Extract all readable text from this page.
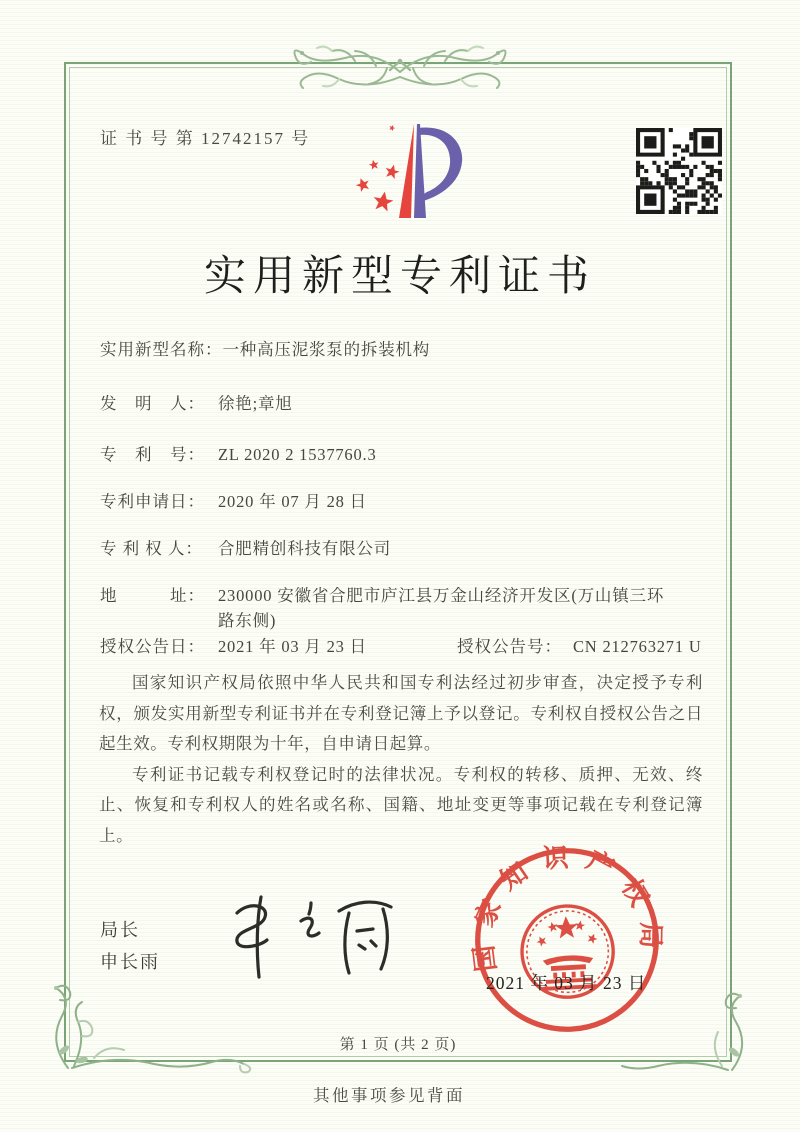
证 书 号 第 12742157 号
实用新型专利证书
实用新型名称： 一种高压泥浆泵的拆装机构
发　明　人： 徐艳;章旭
专　利　号： ZL 2020 2 1537760.3
专利申请日： 2020 年 07 月 28 日
专 利 权 人： 合肥精创科技有限公司
地　　　址： 230000 安徽省合肥市庐江县万金山经济开发区(万山镇三环路东侧)
授权公告日： 2021 年 03 月 23 日	授权公告号： CN 212763271 U

国家知识产权局依照中华人民共和国专利法经过初步审查，决定授予专利权，颁发实用新型专利证书并在专利登记簿上予以登记。专利权自授权公告之日起生效。专利权期限为十年，自申请日起算。

专利证书记载专利权登记时的法律状况。专利权的转移、质押、无效、终止、恢复和专利权人的姓名或名称、国籍、地址变更等事项记载在专利登记簿上。

局长
申长雨	国家知识产权局
2021 年 03 月 23 日
第 1 页 (共 2 页)
其他事项参见背面
